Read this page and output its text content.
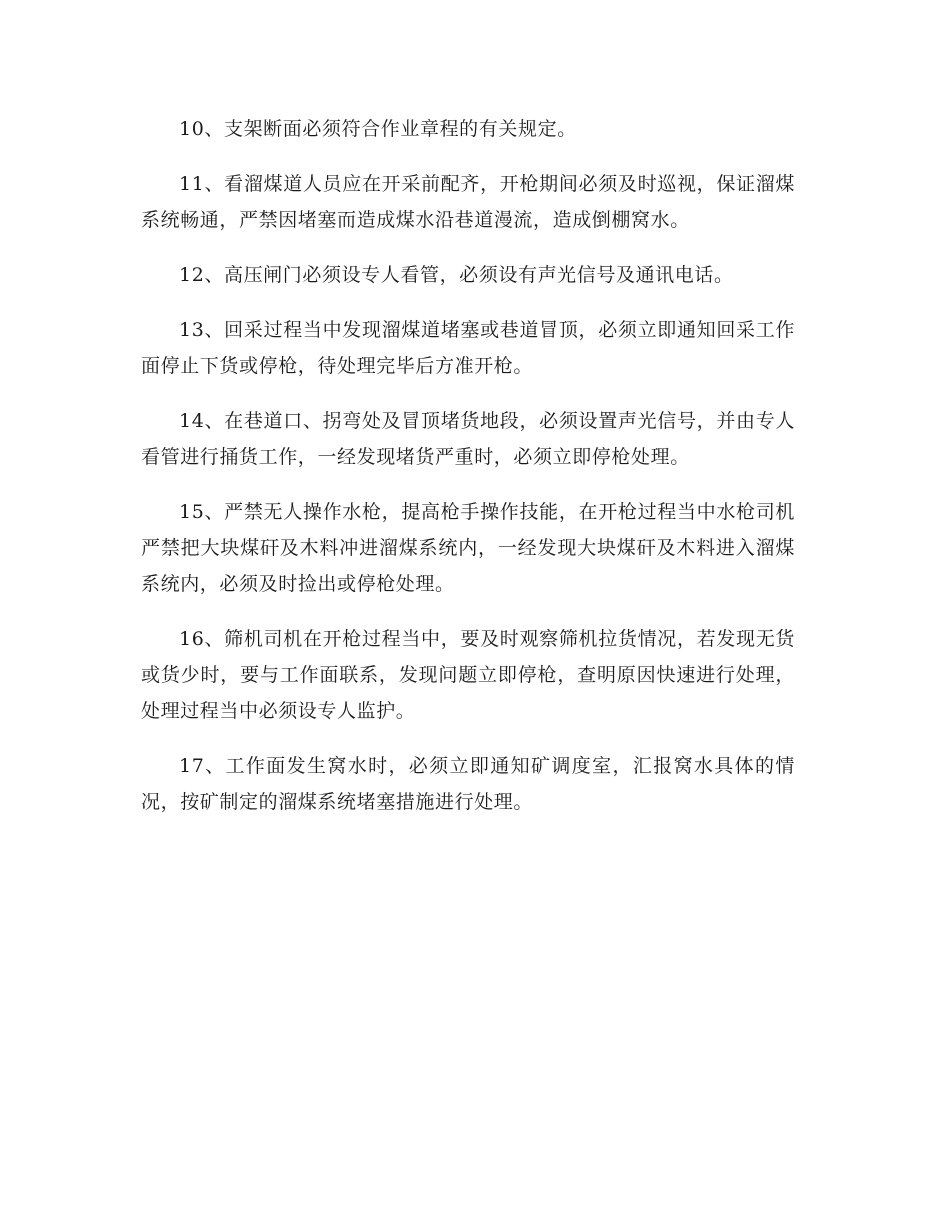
10、支架断面必须符合作业章程的有关规定。

11、看溜煤道人员应在开采前配齐，开枪期间必须及时巡视，保证溜煤系统畅通，严禁因堵塞而造成煤水沿巷道漫流，造成倒棚窝水。

12、高压闸门必须设专人看管，必须设有声光信号及通讯电话。

13、回采过程当中发现溜煤道堵塞或巷道冒顶，必须立即通知回采工作面停止下货或停枪，待处理完毕后方准开枪。

14、在巷道口、拐弯处及冒顶堵货地段，必须设置声光信号，并由专人看管进行捅货工作，一经发现堵货严重时，必须立即停枪处理。

15、严禁无人操作水枪，提高枪手操作技能，在开枪过程当中水枪司机严禁把大块煤矸及木料冲进溜煤系统内，一经发现大块煤矸及木料进入溜煤系统内，必须及时捡出或停枪处理。

16、筛机司机在开枪过程当中，要及时观察筛机拉货情况，若发现无货或货少时，要与工作面联系，发现问题立即停枪，查明原因快速进行处理，处理过程当中必须设专人监护。

17、工作面发生窝水时，必须立即通知矿调度室，汇报窝水具体的情况，按矿制定的溜煤系统堵塞措施进行处理。
